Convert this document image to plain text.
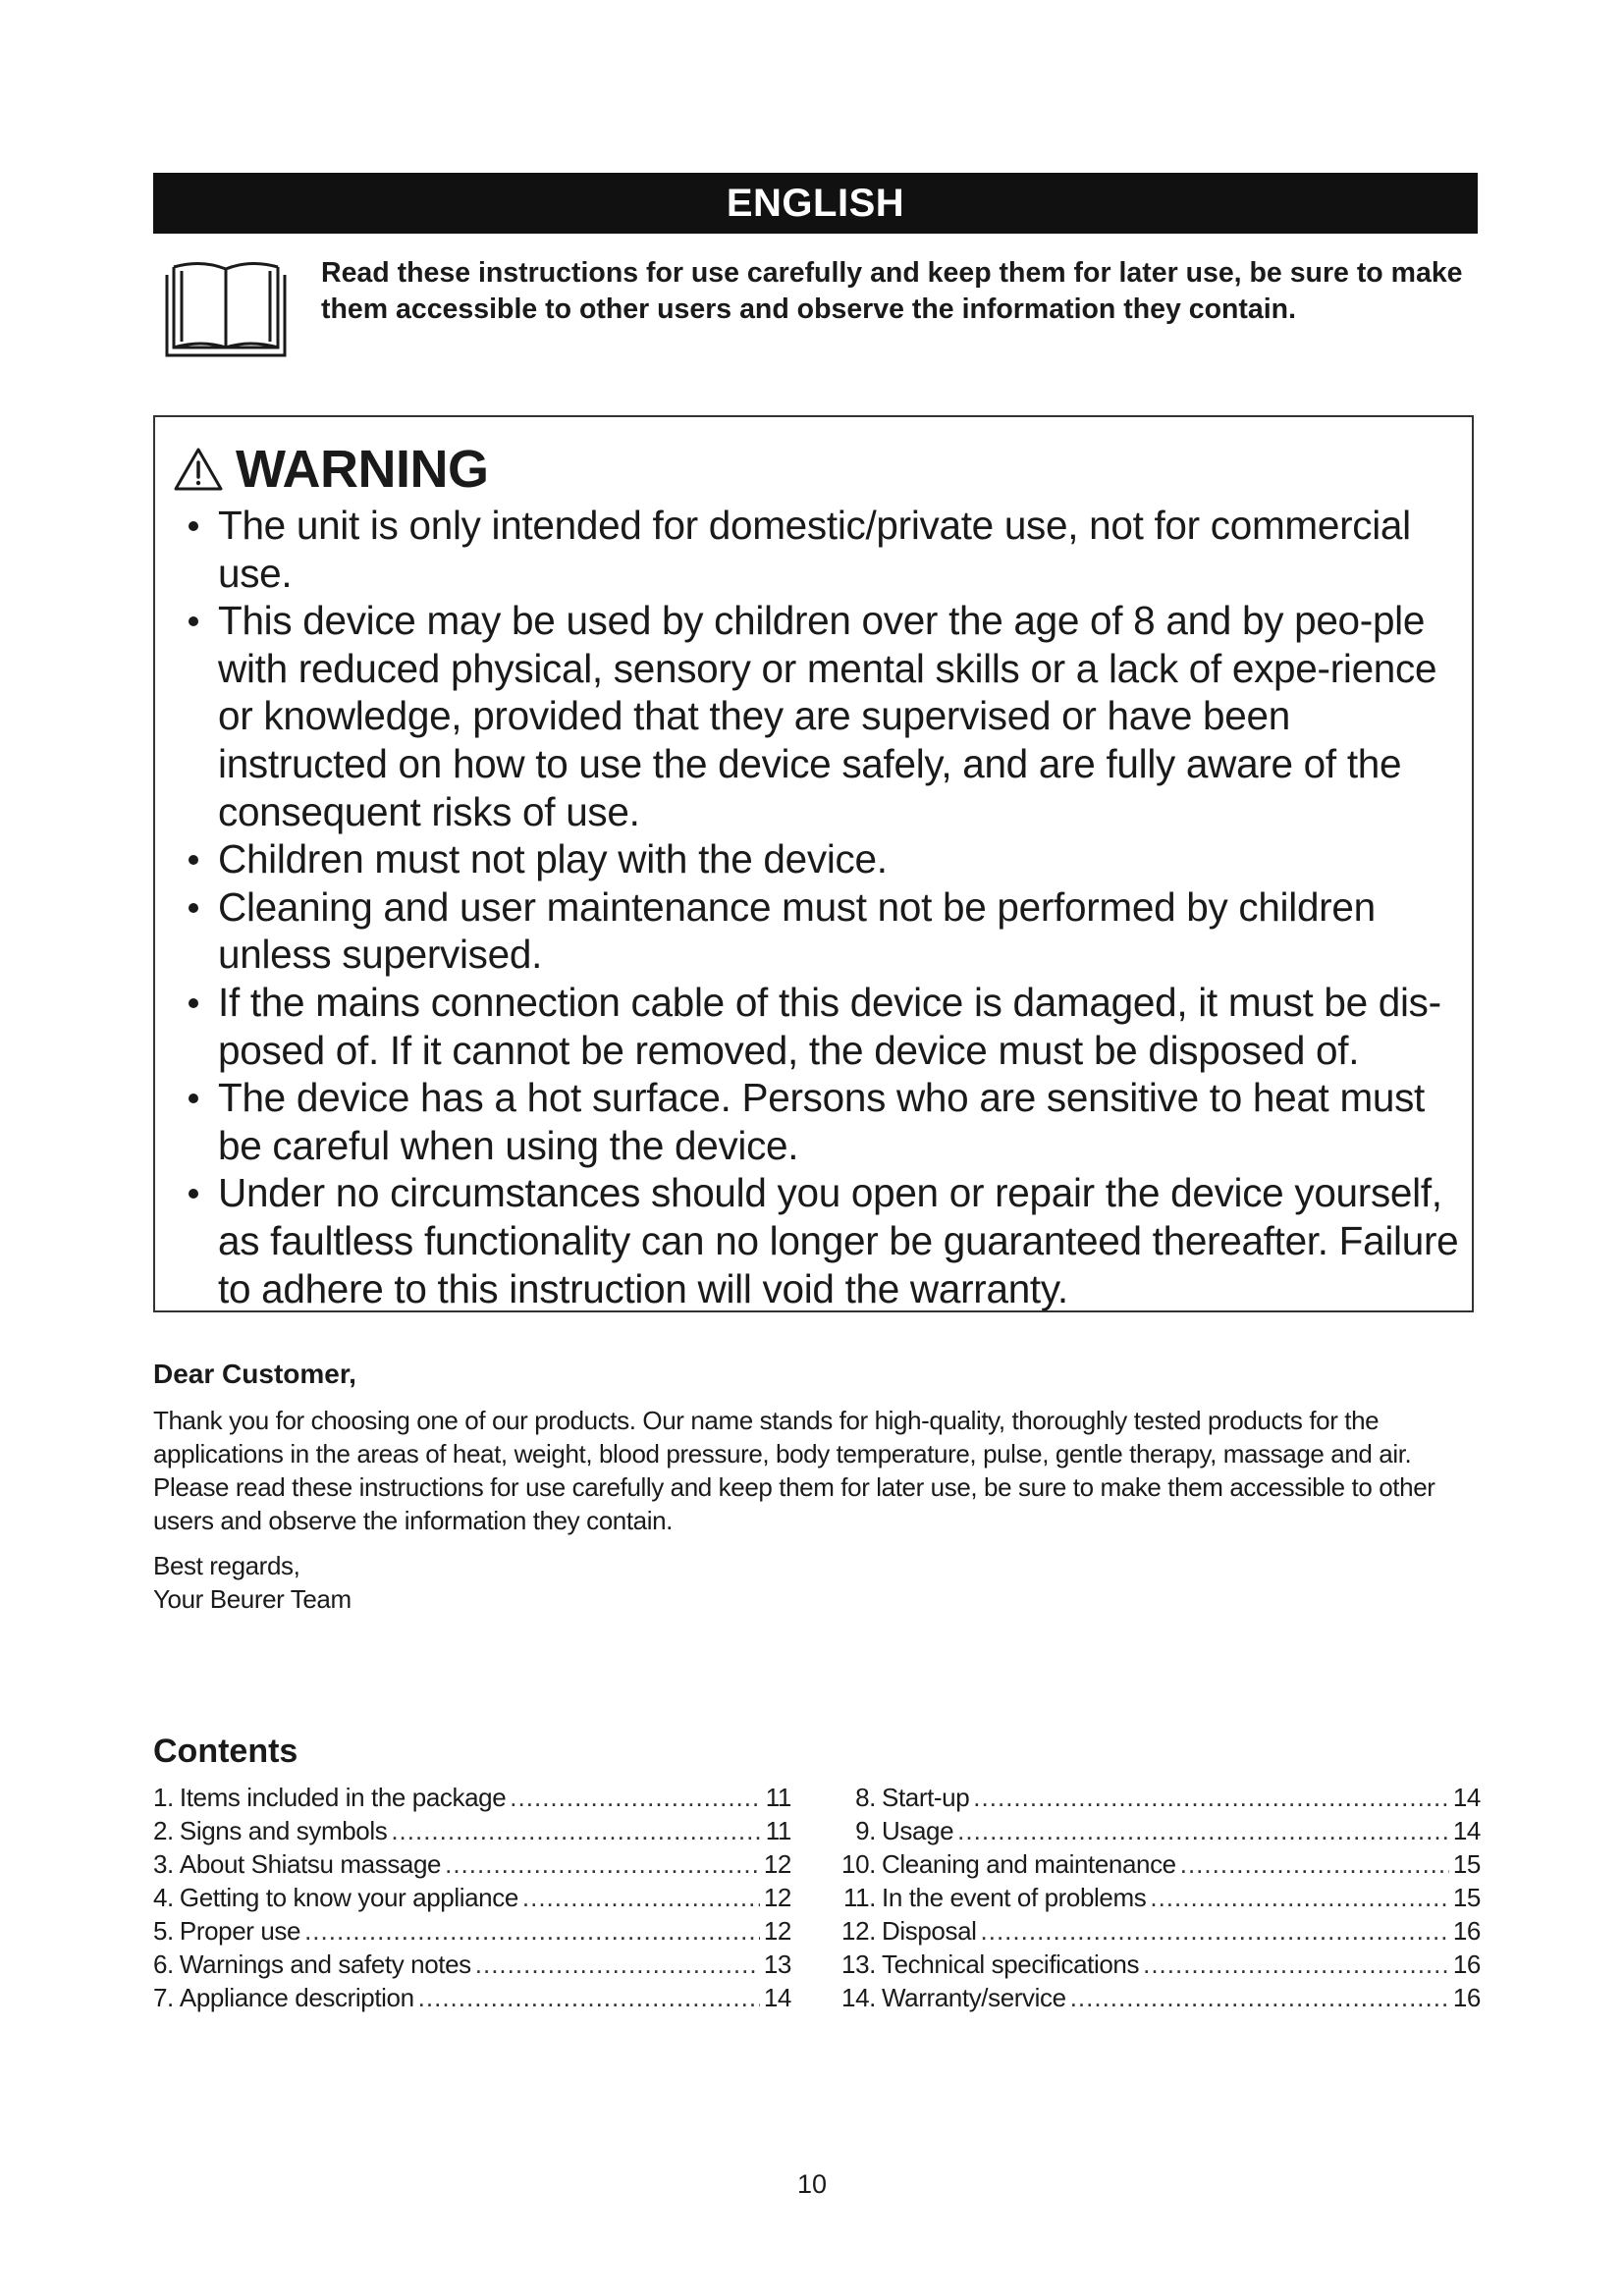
ENGLISH
Read these instructions for use carefully and keep them for later use, be sure to make them accessible to other users and observe the information they contain.
WARNING
The unit is only intended for domestic/private use, not for commercial use.
This device may be used by children over the age of 8 and by peo-ple with reduced physical, sensory or mental skills or a lack of expe-rience or knowledge, provided that they are supervised or have been instructed on how to use the device safely, and are fully aware of the consequent risks of use.
Children must not play with the device.
Cleaning and user maintenance must not be performed by children unless supervised.
If the mains connection cable of this device is damaged, it must be dis-posed of. If it cannot be removed, the device must be disposed of.
The device has a hot surface. Persons who are sensitive to heat must be careful when using the device.
Under no circumstances should you open or repair the device yourself, as faultless functionality can no longer be guaranteed thereafter. Failure to adhere to this instruction will void the warranty.
Dear Customer,

Thank you for choosing one of our products. Our name stands for high-quality, thoroughly tested products for the applications in the areas of heat, weight, blood pressure, body temperature, pulse, gentle therapy, massage and air.

Please read these instructions for use carefully and keep them for later use, be sure to make them accessible to other users and observe the information they contain.

Best regards,

Your Beurer Team

Contents
1. Items included in the package .....	11
2. Signs and symbols .....	11
3. About Shiatsu massage .....	12
4. Getting to know your appliance .....	12
5. Proper use .....	12
6. Warnings and safety notes .....	13
7. Appliance description .....	14
8. Start-up .....	14
9. Usage .....	14
10. Cleaning and maintenance .....	15
11. In the event of problems .....	15
12. Disposal .....	16
13. Technical specifications .....	16
14. Warranty/service .....	16
10
